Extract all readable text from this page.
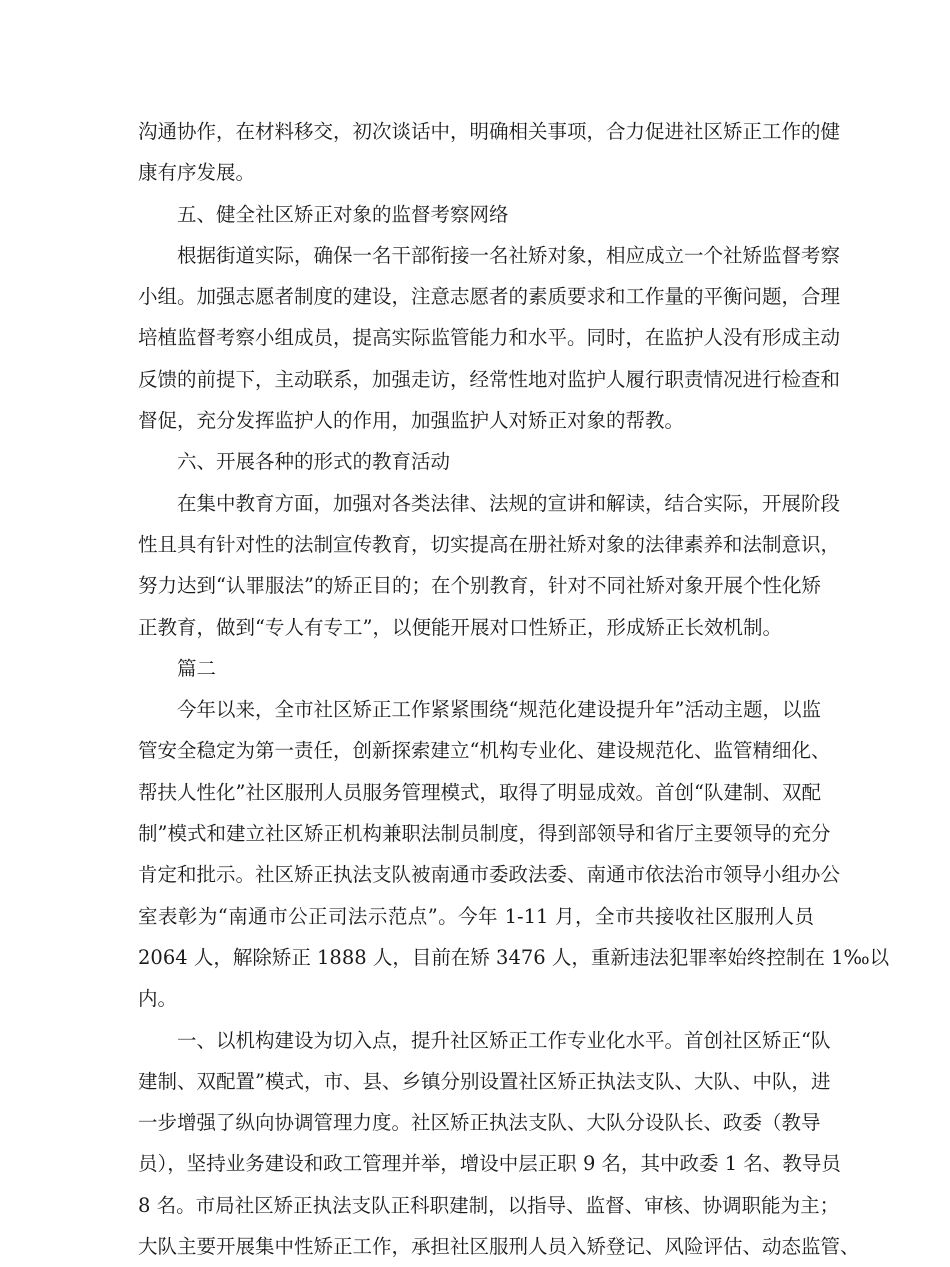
沟通协作，在材料移交，初次谈话中，明确相关事项，合力促进社区矫正工作的健
康有序发展。
五、健全社区矫正对象的监督考察网络
根据街道实际，确保一名干部衔接一名社矫对象，相应成立一个社矫监督考察
小组。加强志愿者制度的建设，注意志愿者的素质要求和工作量的平衡问题，合理
培植监督考察小组成员，提高实际监管能力和水平。同时，在监护人没有形成主动
反馈的前提下，主动联系，加强走访，经常性地对监护人履行职责情况进行检查和
督促，充分发挥监护人的作用，加强监护人对矫正对象的帮教。
六、开展各种的形式的教育活动
在集中教育方面，加强对各类法律、法规的宣讲和解读，结合实际，开展阶段
性且具有针对性的法制宣传教育，切实提高在册社矫对象的法律素养和法制意识，
努力达到“认罪服法”的矫正目的；在个别教育，针对不同社矫对象开展个性化矫
正教育，做到“专人有专工”，以便能开展对口性矫正，形成矫正长效机制。
篇二
今年以来，全市社区矫正工作紧紧围绕“规范化建设提升年”活动主题，以监
管安全稳定为第一责任，创新探索建立“机构专业化、建设规范化、监管精细化、
帮扶人性化”社区服刑人员服务管理模式，取得了明显成效。首创“队建制、双配
制”模式和建立社区矫正机构兼职法制员制度，得到部领导和省厅主要领导的充分
肯定和批示。社区矫正执法支队被南通市委政法委、南通市依法治市领导小组办公
室表彰为“南通市公正司法示范点”。今年 1-11 月，全市共接收社区服刑人员
2064 人，解除矫正 1888 人，目前在矫 3476 人，重新违法犯罪率始终控制在 1‰以
内。
一、以机构建设为切入点，提升社区矫正工作专业化水平。首创社区矫正“队
建制、双配置”模式，市、县、乡镇分别设置社区矫正执法支队、大队、中队，进
一步增强了纵向协调管理力度。社区矫正执法支队、大队分设队长、政委（教导
员），坚持业务建设和政工管理并举，增设中层正职 9 名，其中政委 1 名、教导员
8 名。市局社区矫正执法支队正科职建制，以指导、监督、审核、协调职能为主；
大队主要开展集中性矫正工作，承担社区服刑人员入矫登记、风险评估、动态监管、
